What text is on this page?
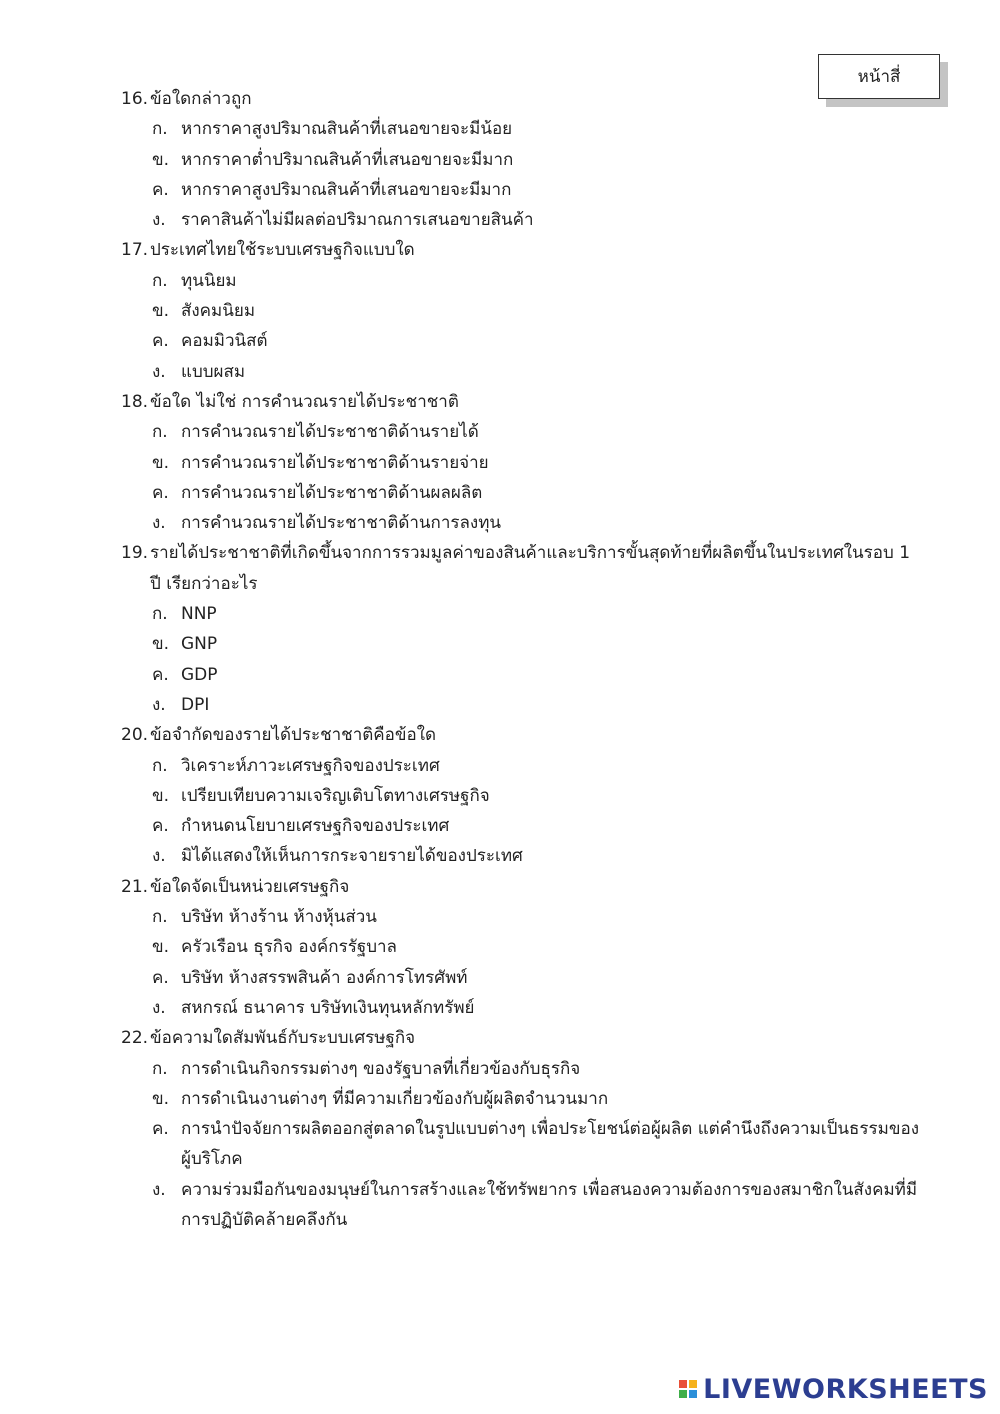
หน้าสี่
16. ข้อใดกล่าวถูก
ก. หากราคาสูงปริมาณสินค้าที่เสนอขายจะมีน้อย
ข. หากราคาต่ำปริมาณสินค้าที่เสนอขายจะมีมาก
ค. หากราคาสูงปริมาณสินค้าที่เสนอขายจะมีมาก
ง. ราคาสินค้าไม่มีผลต่อปริมาณการเสนอขายสินค้า
17. ประเทศไทยใช้ระบบเศรษฐกิจแบบใด
ก. ทุนนิยม
ข. สังคมนิยม
ค. คอมมิวนิสต์
ง. แบบผสม
18. ข้อใด ไม่ใช่ การคำนวณรายได้ประชาชาติ
ก. การคำนวณรายได้ประชาชาติด้านรายได้
ข. การคำนวณรายได้ประชาชาติด้านรายจ่าย
ค. การคำนวณรายได้ประชาชาติด้านผลผลิต
ง. การคำนวณรายได้ประชาชาติด้านการลงทุน
19. รายได้ประชาชาติที่เกิดขึ้นจากการรวมมูลค่าของสินค้าและบริการขั้นสุดท้ายที่ผลิตขึ้นในประเทศในรอบ 1 ปี เรียกว่าอะไร
ก. NNP
ข. GNP
ค. GDP
ง. DPI
20. ข้อจำกัดของรายได้ประชาชาติคือข้อใด
ก. วิเคราะห์ภาวะเศรษฐกิจของประเทศ
ข. เปรียบเทียบความเจริญเติบโตทางเศรษฐกิจ
ค. กำหนดนโยบายเศรษฐกิจของประเทศ
ง. มิได้แสดงให้เห็นการกระจายรายได้ของประเทศ
21. ข้อใดจัดเป็นหน่วยเศรษฐกิจ
ก. บริษัท ห้างร้าน ห้างหุ้นส่วน
ข. ครัวเรือน ธุรกิจ องค์กรรัฐบาล
ค. บริษัท ห้างสรรพสินค้า องค์การโทรศัพท์
ง. สหกรณ์ ธนาคาร บริษัทเงินทุนหลักทรัพย์
22. ข้อความใดสัมพันธ์กับระบบเศรษฐกิจ
ก. การดำเนินกิจกรรมต่างๆ ของรัฐบาลที่เกี่ยวข้องกับธุรกิจ
ข. การดำเนินงานต่างๆ ที่มีความเกี่ยวข้องกับผู้ผลิตจำนวนมาก
ค. การนำปัจจัยการผลิตออกสู่ตลาดในรูปแบบต่างๆ เพื่อประโยชน์ต่อผู้ผลิต แต่คำนึงถึงความเป็นธรรมของผู้บริโภค
ง. ความร่วมมือกันของมนุษย์ในการสร้างและใช้ทรัพยากร เพื่อสนองความต้องการของสมาชิกในสังคมที่มีการปฏิบัติคล้ายคลึงกัน
LIVEWORKSHEETS
